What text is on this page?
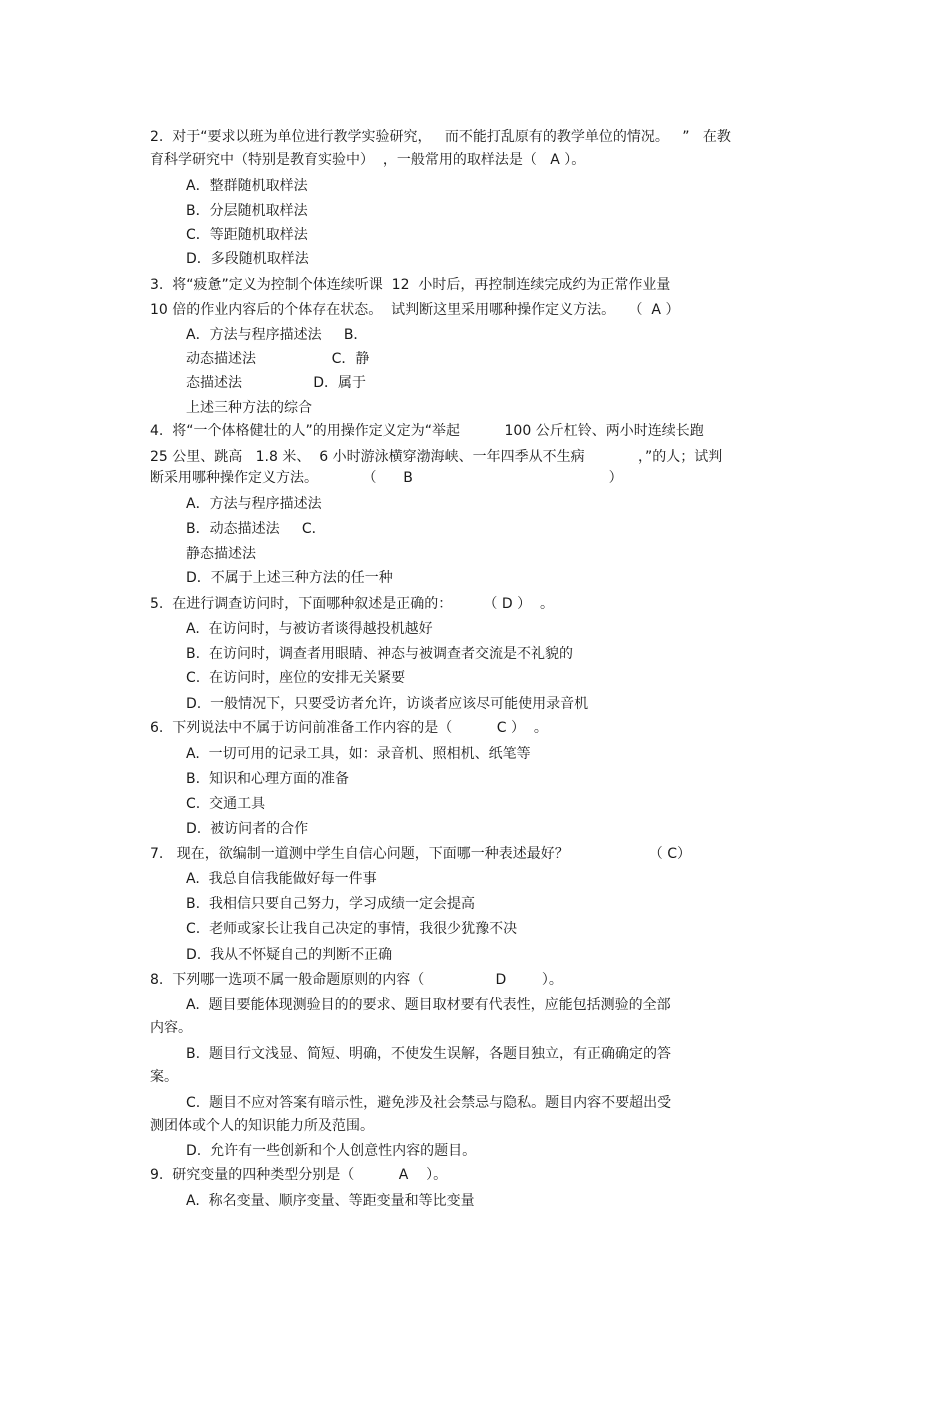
2.  对于“要求以班为单位进行教学实验研究，   而不能打乱原有的教学单位的情况。   ”   在教
育科学研究中（特别是教育实验中）  ，一般常用的取样法是（   A ）。
A．整群随机取样法
B．分层随机取样法
C．等距随机取样法
D．多段随机取样法
3.  将“疲惫”定义为控制个体连续听课  12  小时后，再控制连续完成约为正常作业量
10 倍的作业内容后的个体存在状态。  试判断这里采用哪种操作定义方法。   （  A ）
A．方法与程序描述法     B．
动态描述法                 C．静
态描述法                D．属于
上述三种方法的综合
4.  将“一个体格健壮的人”的用操作定义定为“举起          100 公斤杠铃、两小时连续长跑
25 公里、跳高   1.8 米、  6 小时游泳横穿渤海峡、一年四季从不生病            ，”的人；试判
断采用哪种操作定义方法。          （      B                                            ）
A．方法与程序描述法
B．动态描述法     C．
静态描述法
D．不属于上述三种方法的任一种
5.  在进行调查访问时，下面哪种叙述是正确的：       （ D ）  。
A.  在访问时，与被访者谈得越投机越好
B.  在访问时，调查者用眼睛、神态与被调查者交流是不礼貌的
C.  在访问时，座位的安排无关紧要
D.  一般情况下，只要受访者允许，访谈者应该尽可能使用录音机
6.  下列说法中不属于访问前准备工作内容的是（          C ）  。
A.  一切可用的记录工具，如：录音机、照相机、纸笔等
B.  知识和心理方面的准备
C.  交通工具
D.  被访问者的合作
7.   现在，欲编制一道测中学生自信心问题，下面哪一种表述最好？                  （ C）
A.  我总自信我能做好每一件事
B.  我相信只要自己努力，学习成绩一定会提高
C.  老师或家长让我自己决定的事情，我很少犹豫不决
D.  我从不怀疑自己的判断不正确
8.  下列哪一选项不属一般命题原则的内容（                D        ）。
A.  题目要能体现测验目的的要求、题目取材要有代表性，应能包括测验的全部
内容。
B.  题目行文浅显、简短、明确，不使发生误解，各题目独立，有正确确定的答
案。
C.  题目不应对答案有暗示性，避免涉及社会禁忌与隐私。题目内容不要超出受
测团体或个人的知识能力所及范围。
D.  允许有一些创新和个人创意性内容的题目。
9.  研究变量的四种类型分别是（          A    ）。
A.  称名变量、顺序变量、等距变量和等比变量
